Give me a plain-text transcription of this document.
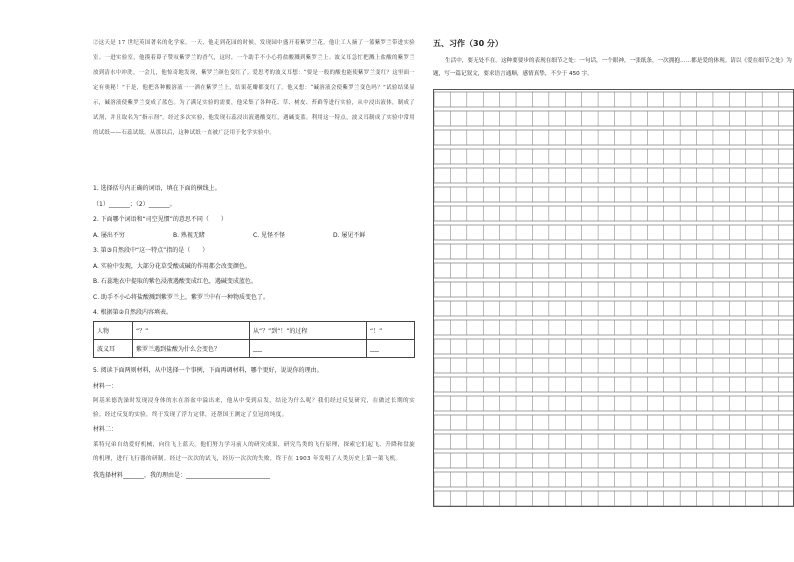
②这天是 17 世纪英国著名的化学家。一天，他走到花园的时候，发现园中盛开着紫罗兰花。他让工人摘了一篮紫罗兰带进实验室。一进实验室，他摸着鼻子赞叹紫罗兰的香气，这时，一个助手不小心将盐酸溅到紫罗兰上。波义耳急忙把溅上盐酸的紫罗兰放到清水中冲洗。一会儿，他惊奇地发现，紫罗兰颜色变红了。爱思考的波义耳想：“要是一般的酸也能使紫罗兰变红？这里面一定有奥秘！”于是，他把各种酸溶液一一洒在紫罗兰上，结果花瓣都变红了。他又想：“碱溶液会使紫罗兰变色吗？”试验结果显示，碱溶液使紫罗兰变成了蓝色。为了满足实验的需要，他采集了各种花、草、树皮、苔藓等进行实验，从中浸出液体，制成了试剂，并且取名为“指示剂”。经过多次实验，他发现石蕊浸出液遇酸变红，遇碱变蓝。利用这一特点，波义耳制成了实验中常用的试纸——石蕊试纸。从那以后，这种试纸一直被广泛用于化学实验中。

1. 选择括号内正确的词语，填在下面的横线上。

（1）_______；（2）_______。

2. 下面哪个词语和“司空见惯”的意思不同（　　）

A. 屡出不穷	B. 熟视无睹	C. 见怪不怪	D. 屡见不鲜

3. 第③自然段中“这一特点”指的是（　　）

A. 实验中发现，大部分花草受酸或碱的作用都会改变颜色。

B. 石蕊地衣中提取的紫色浸液遇酸变成红色，遇碱变成蓝色。

C. 助手不小心将盐酸溅到紫罗兰上，紫罗兰中有一种物质变色了。

4. 根据第②自然段内容填表。

人物	“？”	从“？”到“！”的过程	“！”
波义耳	紫罗兰遇到盐酸为什么会变色？	___	___

5. 阅读下面两则材料，从中选择一个事例，下面再调材料，哪个更好，说说你的理由。

材料一：

阿基米德洗澡时发现浸身体的水在浴盆中溢出来，他从中受到启发，结论为什么呢？我们经过反复研究，在做过长期的实验。经过反复的实验，终于发现了浮力定律，还帮国王测定了皇冠的纯度。

材料二：

莱特兄弟自幼爱好机械，向往飞上蓝天。他们努力学习前人的研究成果，研究鸟类的飞行原理，探索它们起飞、升降和盘旋的机理，进行飞行器的研制。经过一次次的试飞，经历一次次的失败，终于在 1903 年发明了人类历史上第一架飞机。

我选择材料_______，我的理由是：____________________________

五、习作（30 分）

生活中，要无处不在。这种要要步的表现在细节之处：一句话，一个眼神，一张纸条，一次拥抱……都是爱的体现。请以《爱在细节之处》为题，写一篇记叙文，要求语言通顺，感情真挚，不少于 450 字。
